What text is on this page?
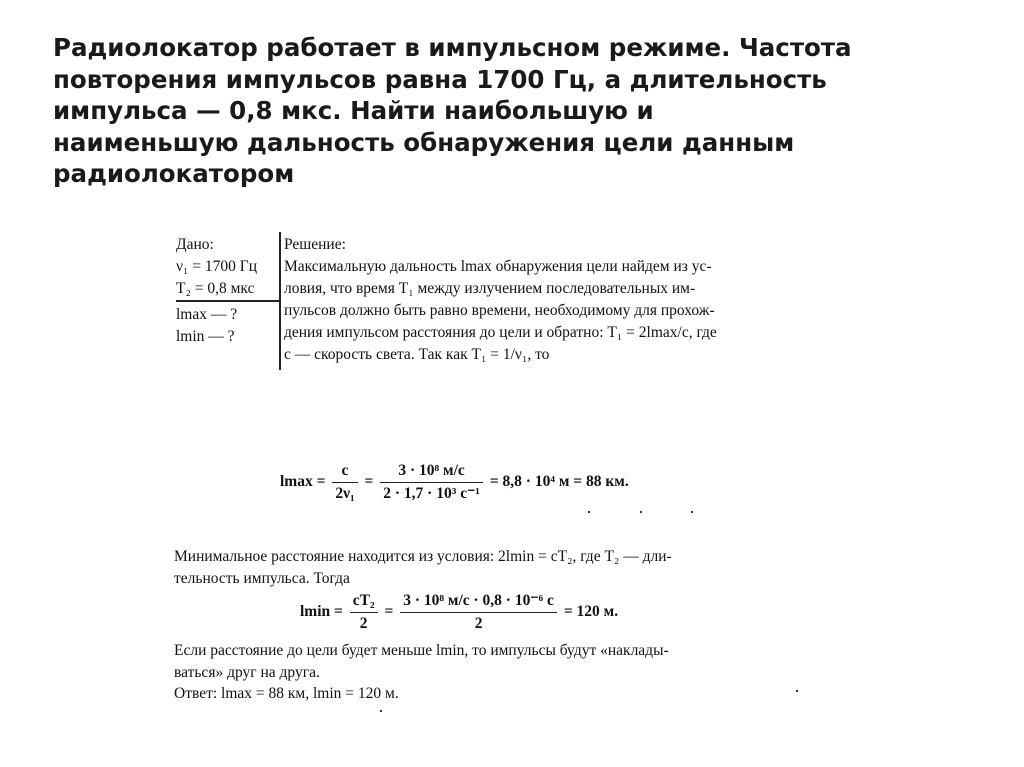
Радиолокатор работает в импульсном режиме. Частота
повторения импульсов равна 1700 Гц, а длительность
импульса — 0,8 мкс. Найти наибольшую и
наименьшую дальность обнаружения цели данным
радиолокатором
Дано:
ν₁ = 1700 Гц
T₂ = 0,8 мкс
lmax — ?
lmin — ?
Решение:
Максимальную дальность lmax обнаружения цели найдем из ус-
ловия, что время T₁ между излучением последовательных им-
пульсов должно быть равно времени, необходимому для прохож-
дения импульсом расстояния до цели и обратно: T₁ = 2lmax/c, где
c — скорость света. Так как T₁ = 1/ν₁, то
$lmax = \frac{c}{\text{2ν₁}} = \frac{\text{3 · 10⁸ м/с}}{\text{2 · 1,7 · 10³ с⁻¹}} = 8,8 \cdot 10^4$ м = 88 км.
Минимальное расстояние находится из условия: 2lmin = cT₂, где T₂ — дли-
тельность импульса. Тогда
$lmin = \frac{\text{cT₂}}{2} = \frac{\text{3 · 10⁸ м/с · 0,8 · 10⁻⁶ с}}{2} = 120$ м.
Если расстояние до цели будет меньше lmin, то импульсы будут «наклады-
ваться» друг на друга.
Ответ: lmax = 88 км, lmin = 120 м.
